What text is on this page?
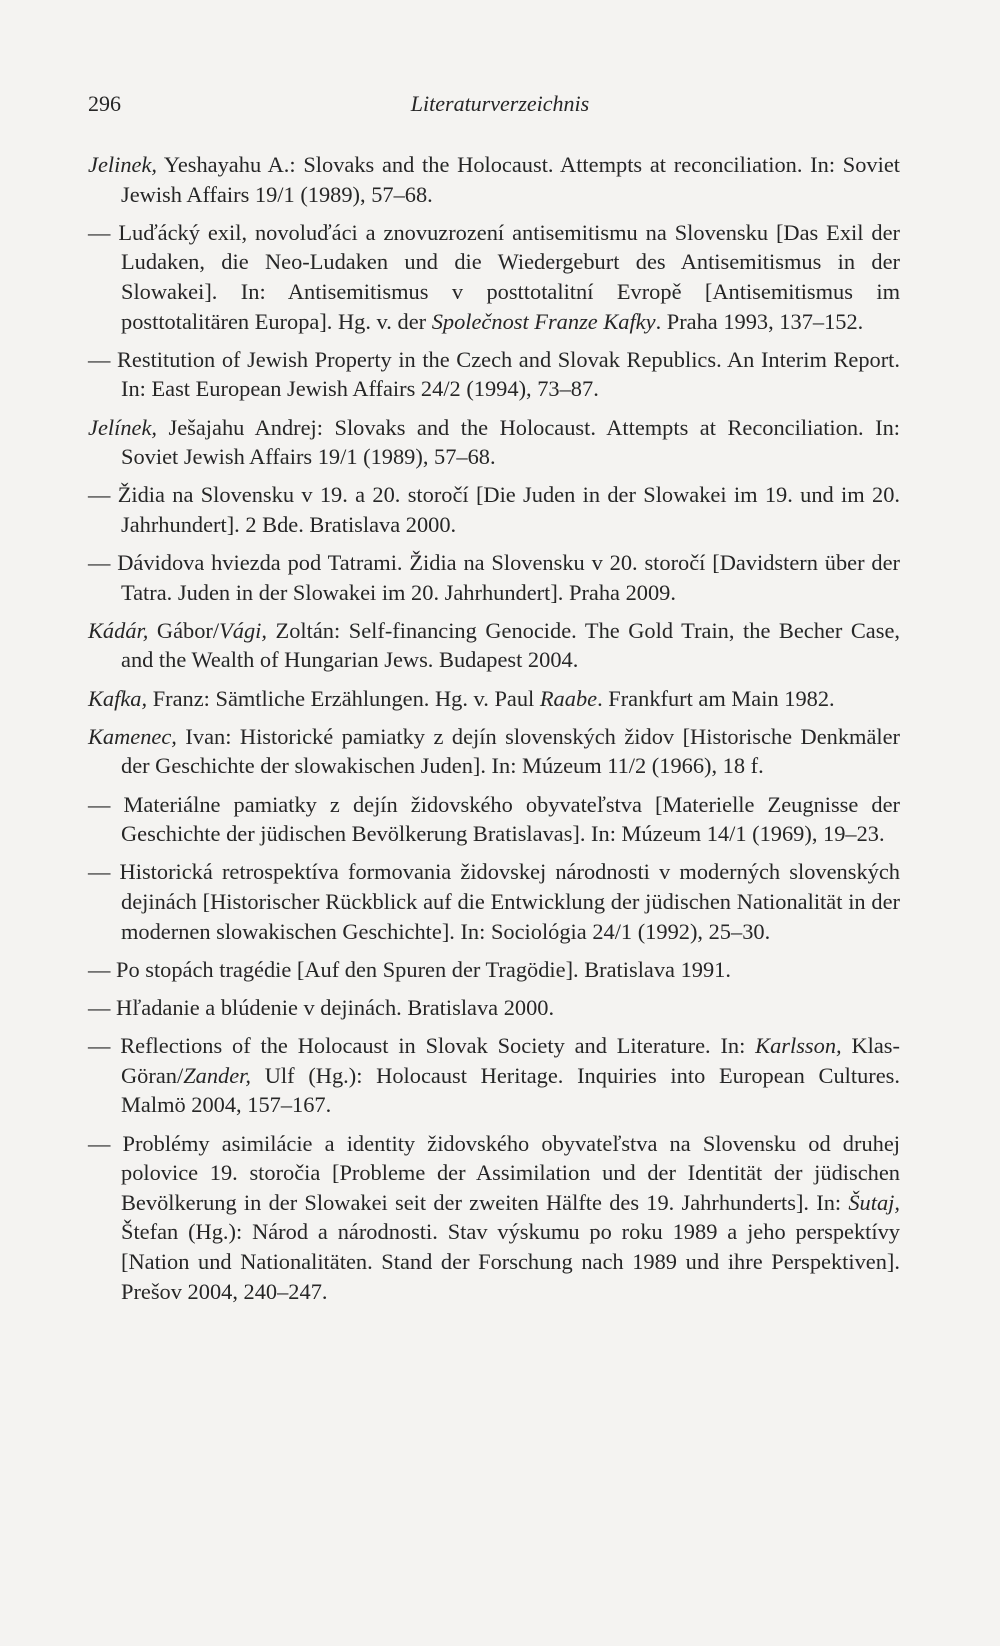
296	Literaturverzeichnis
Jelinek, Yeshayahu A.: Slovaks and the Holocaust. Attempts at reconciliation. In: Soviet Jewish Affairs 19/1 (1989), 57–68.
— Luďácký exil, novoluďáci a znovuzrození antisemitismu na Slovensku [Das Exil der Ludaken, die Neo-Ludaken und die Wiedergeburt des Antisemitismus in der Slowakei]. In: Antisemitismus v posttotalitní Evropě [Antisemitismus im posttotalitären Europa]. Hg. v. der Společnost Franze Kafky. Praha 1993, 137–152.
— Restitution of Jewish Property in the Czech and Slovak Republics. An Interim Report. In: East European Jewish Affairs 24/2 (1994), 73–87.
Jelínek, Ješajahu Andrej: Slovaks and the Holocaust. Attempts at Reconciliation. In: Soviet Jewish Affairs 19/1 (1989), 57–68.
— Židia na Slovensku v 19. a 20. storočí [Die Juden in der Slowakei im 19. und im 20. Jahrhundert]. 2 Bde. Bratislava 2000.
— Dávidova hviezda pod Tatrami. Židia na Slovensku v 20. storočí [Davidstern über der Tatra. Juden in der Slowakei im 20. Jahrhundert]. Praha 2009.
Kádár, Gábor/Vági, Zoltán: Self-financing Genocide. The Gold Train, the Becher Case, and the Wealth of Hungarian Jews. Budapest 2004.
Kafka, Franz: Sämtliche Erzählungen. Hg. v. Paul Raabe. Frankfurt am Main 1982.
Kamenec, Ivan: Historické pamiatky z dejín slovenských židov [Historische Denkmäler der Geschichte der slowakischen Juden]. In: Múzeum 11/2 (1966), 18 f.
— Materiálne pamiatky z dejín židovského obyvateľstva [Materielle Zeugnisse der Geschichte der jüdischen Bevölkerung Bratislavas]. In: Múzeum 14/1 (1969), 19–23.
— Historická retrospektíva formovania židovskej národnosti v moderných slovenských dejinách [Historischer Rückblick auf die Entwicklung der jüdischen Nationalität in der modernen slowakischen Geschichte]. In: Sociológia 24/1 (1992), 25–30.
— Po stopách tragédie [Auf den Spuren der Tragödie]. Bratislava 1991.
— Hľadanie a blúdenie v dejinách. Bratislava 2000.
— Reflections of the Holocaust in Slovak Society and Literature. In: Karlsson, Klas-Göran/Zander, Ulf (Hg.): Holocaust Heritage. Inquiries into European Cultures. Malmö 2004, 157–167.
— Problémy asimilácie a identity židovského obyvateľstva na Slovensku od druhej polovice 19. storočia [Probleme der Assimilation und der Identität der jüdischen Bevölkerung in der Slowakei seit der zweiten Hälfte des 19. Jahrhunderts]. In: Šutaj, Štefan (Hg.): Národ a národnosti. Stav výskumu po roku 1989 a jeho perspektívy [Nation und Nationalitäten. Stand der Forschung nach 1989 und ihre Perspektiven]. Prešov 2004, 240–247.
